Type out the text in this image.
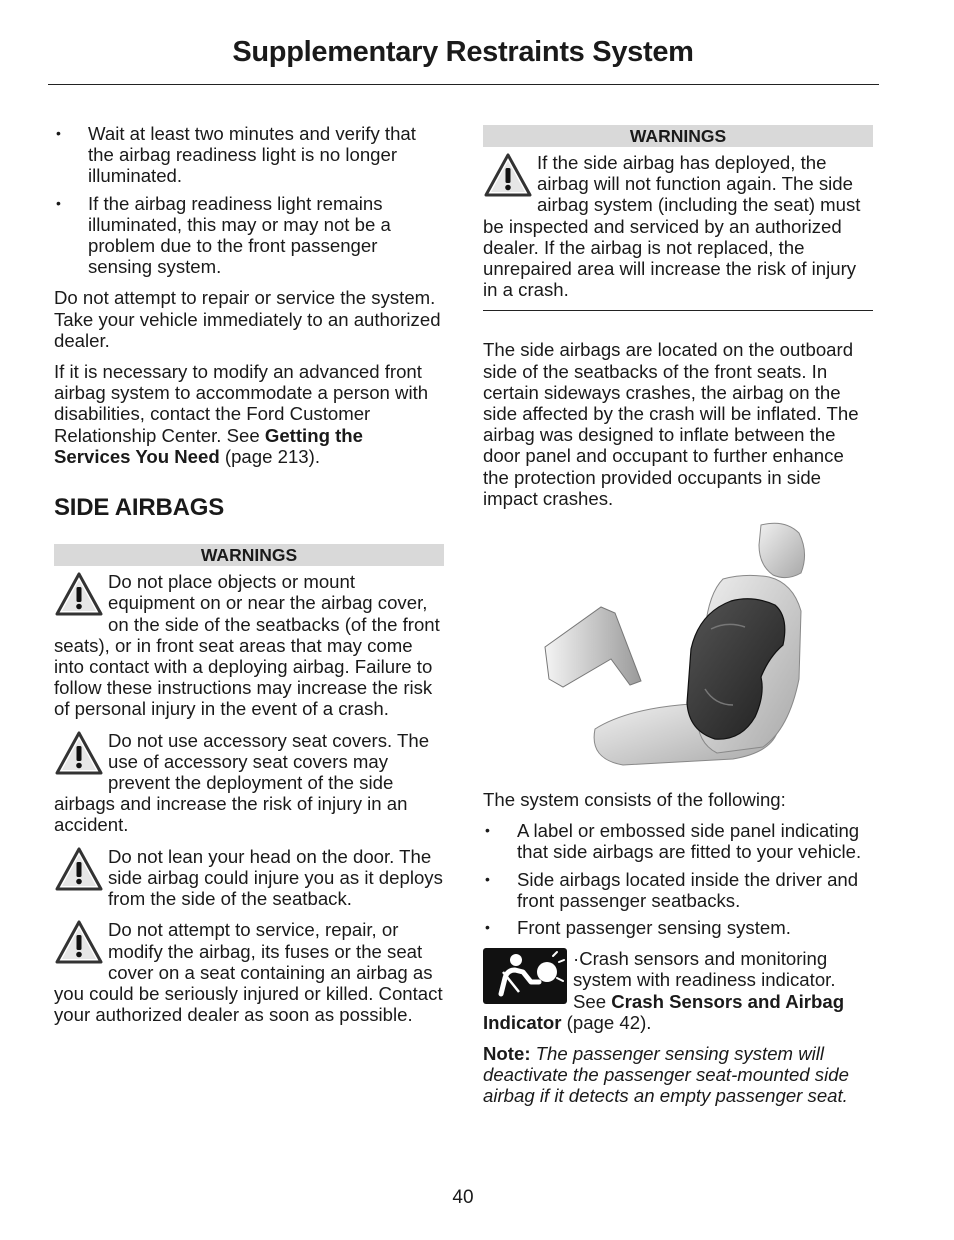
Supplementary Restraints System
• Wait at least two minutes and verify that the airbag readiness light is no longer illuminated.
• If the airbag readiness light remains illuminated, this may or may not be a problem due to the front passenger sensing system.

Do not attempt to repair or service the system. Take your vehicle immediately to an authorized dealer.

If it is necessary to modify an advanced front airbag system to accommodate a person with disabilities, contact the Ford Customer Relationship Center. See Getting the Services You Need (page 213).

SIDE AIRBAGS
WARNINGS
Do not place objects or mount equipment on or near the airbag cover, on the side of the seatbacks (of the front seats), or in front seat areas that may come into contact with a deploying airbag. Failure to follow these instructions may increase the risk of personal injury in the event of a crash.
Do not use accessory seat covers. The use of accessory seat covers may prevent the deployment of the side airbags and increase the risk of injury in an accident.
Do not lean your head on the door. The side airbag could injure you as it deploys from the side of the seatback.
Do not attempt to service, repair, or modify the airbag, its fuses or the seat cover on a seat containing an airbag as you could be seriously injured or killed. Contact your authorized dealer as soon as possible.
WARNINGS
If the side airbag has deployed, the airbag will not function again. The side airbag system (including the seat) must be inspected and serviced by an authorized dealer. If the airbag is not replaced, the unrepaired area will increase the risk of injury in a crash.

The side airbags are located on the outboard side of the seatbacks of the front seats. In certain sideways crashes, the airbag on the side affected by the crash will be inflated. The airbag was designed to inflate between the door panel and occupant to further enhance the protection provided occupants in side impact crashes.

The system consists of the following:

• A label or embossed side panel indicating that side airbags are fitted to your vehicle.
• Side airbags located inside the driver and front passenger seatbacks.
• Front passenger sensing system.

·Crash sensors and monitoring system with readiness indicator. See Crash Sensors and Airbag Indicator (page 42).

Note: The passenger sensing system will deactivate the passenger seat-mounted side airbag if it detects an empty passenger seat.

40
